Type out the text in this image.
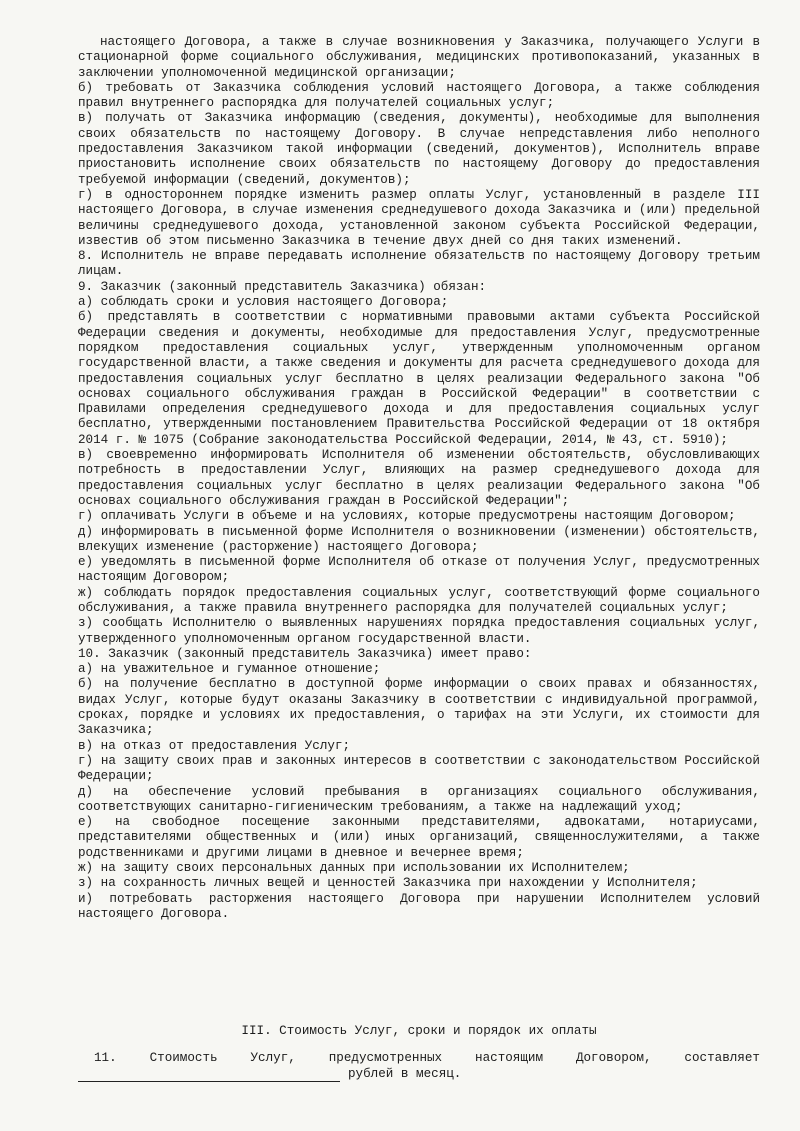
настоящего Договора, а также в случае возникновения у Заказчика, получающего Услуги в стационарной форме социального обслуживания, медицинских противопоказаний, указанных в заключении уполномоченной медицинской организации;

б) требовать от Заказчика соблюдения условий настоящего Договора, а также соблюдения правил внутреннего распорядка для получателей социальных услуг;

в) получать от Заказчика информацию (сведения, документы), необходимые для выполнения своих обязательств по настоящему Договору. В случае непредставления либо неполного предоставления Заказчиком такой информации (сведений, документов), Исполнитель вправе приостановить исполнение своих обязательств по настоящему Договору до предоставления требуемой информации (сведений, документов);

г) в одностороннем порядке изменить размер оплаты Услуг, установленный в разделе III настоящего Договора, в случае изменения среднедушевого дохода Заказчика и (или) предельной величины среднедушевого дохода, установленной законом субъекта Российской Федерации, известив об этом письменно Заказчика в течение двух дней со дня таких изменений.

8. Исполнитель не вправе передавать исполнение обязательств по настоящему Договору третьим лицам.

9. Заказчик (законный представитель Заказчика) обязан:

а) соблюдать сроки и условия настоящего Договора;

б) представлять в соответствии с нормативными правовыми актами субъекта Российской Федерации сведения и документы, необходимые для предоставления Услуг, предусмотренные порядком предоставления социальных услуг, утвержденным уполномоченным органом государственной власти, а также сведения и документы для расчета среднедушевого дохода для предоставления социальных услуг бесплатно в целях реализации Федерального закона "Об основах социального обслуживания граждан в Российской Федерации" в соответствии с Правилами определения среднедушевого дохода и для предоставления социальных услуг бесплатно, утвержденными постановлением Правительства Российской Федерации от 18 октября 2014 г. № 1075 (Собрание законодательства Российской Федерации, 2014, № 43, ст. 5910);

в) своевременно информировать Исполнителя об изменении обстоятельств, обусловливающих потребность в предоставлении Услуг, влияющих на размер среднедушевого дохода для предоставления социальных услуг бесплатно в целях реализации Федерального закона "Об основах социального обслуживания граждан в Российской Федерации";

г) оплачивать Услуги в объеме и на условиях, которые предусмотрены настоящим Договором;

д) информировать в письменной форме Исполнителя о возникновении (изменении) обстоятельств, влекущих изменение (расторжение) настоящего Договора;

е) уведомлять в письменной форме Исполнителя об отказе от получения Услуг, предусмотренных настоящим Договором;

ж) соблюдать порядок предоставления социальных услуг, соответствующий форме социального обслуживания, а также правила внутреннего распорядка для получателей социальных услуг;

з) сообщать Исполнителю о выявленных нарушениях порядка предоставления социальных услуг, утвержденного уполномоченным органом государственной власти.

10. Заказчик (законный представитель Заказчика) имеет право:

а) на уважительное и гуманное отношение;

б) на получение бесплатно в доступной форме информации о своих правах и обязанностях, видах Услуг, которые будут оказаны Заказчику в соответствии с индивидуальной программой, сроках, порядке и условиях их предоставления, о тарифах на эти Услуги, их стоимости для Заказчика;

в) на отказ от предоставления Услуг;

г) на защиту своих прав и законных интересов в соответствии с законодательством Российской Федерации;

д) на обеспечение условий пребывания в организациях социального обслуживания, соответствующих санитарно-гигиеническим требованиям, а также на надлежащий уход;

е) на свободное посещение законными представителями, адвокатами, нотариусами, представителями общественных и (или) иных организаций, священнослужителями, а также родственниками и другими лицами в дневное и вечернее время;

ж) на защиту своих персональных данных при использовании их Исполнителем;

з) на сохранность личных вещей и ценностей Заказчика при нахождении у Исполнителя;

и) потребовать расторжения настоящего Договора при нарушении Исполнителем условий настоящего Договора.

III. Стоимость Услуг, сроки и порядок их оплаты
11.	Стоимость	Услуг,	предусмотренных	настоящим	Договором,	составляет
рублей в месяц.
